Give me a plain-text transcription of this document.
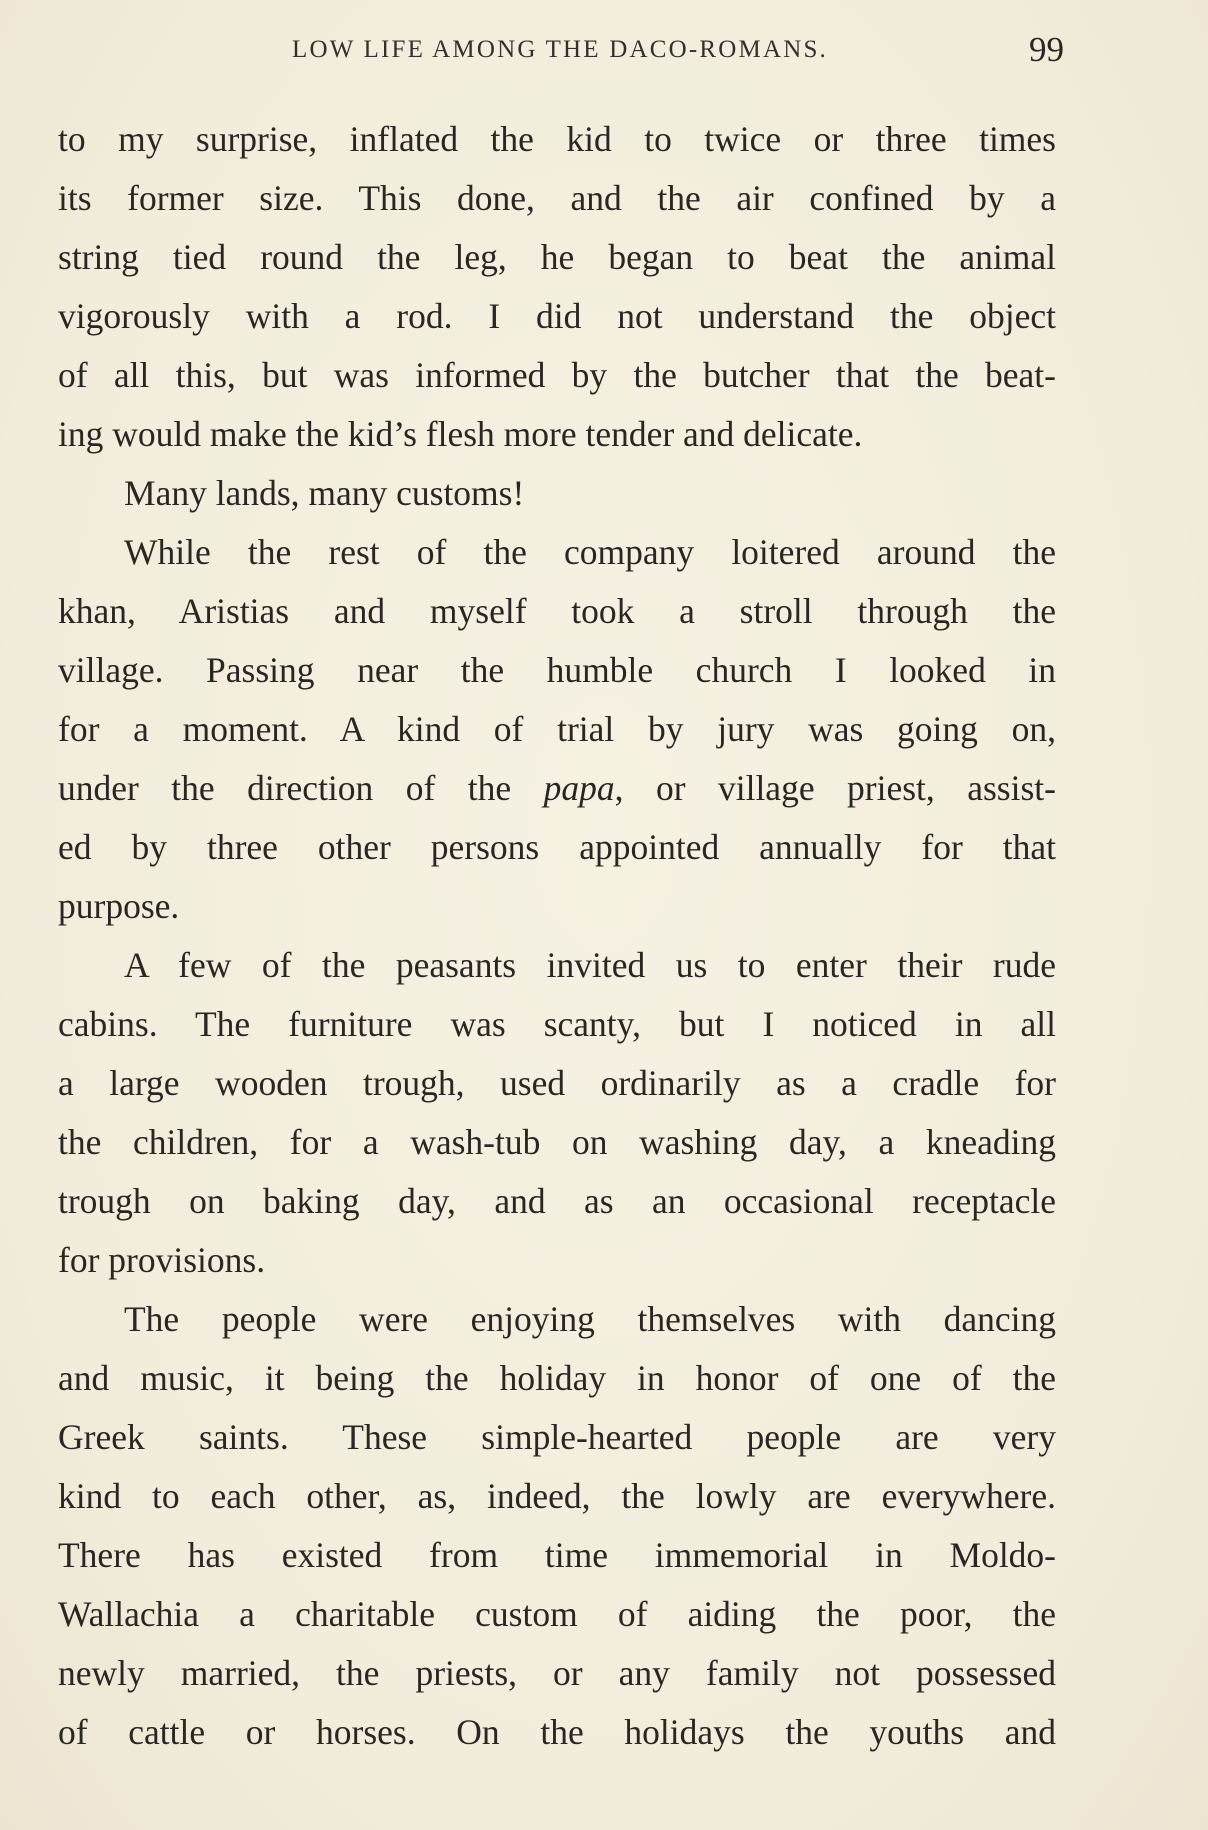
LOW LIFE AMONG THE DACO-ROMANS.	99
to my surprise, inflated the kid to twice or three times
its former size. This done, and the air confined by a
string tied round the leg, he began to beat the animal
vigorously with a rod. I did not understand the object
of all this, but was informed by the butcher that the beat-
ing would make the kid’s flesh more tender and delicate.
Many lands, many customs!
While the rest of the company loitered around the
khan, Aristias and myself took a stroll through the
village. Passing near the humble church I looked in
for a moment. A kind of trial by jury was going on,
under the direction of the papa, or village priest, assist-
ed by three other persons appointed annually for that
purpose.
A few of the peasants invited us to enter their rude
cabins. The furniture was scanty, but I noticed in all
a large wooden trough, used ordinarily as a cradle for
the children, for a wash-tub on washing day, a kneading
trough on baking day, and as an occasional receptacle
for provisions.
The people were enjoying themselves with dancing
and music, it being the holiday in honor of one of the
Greek saints. These simple-hearted people are very
kind to each other, as, indeed, the lowly are everywhere.
There has existed from time immemorial in Moldo-
Wallachia a charitable custom of aiding the poor, the
newly married, the priests, or any family not possessed
of cattle or horses. On the holidays the youths and
